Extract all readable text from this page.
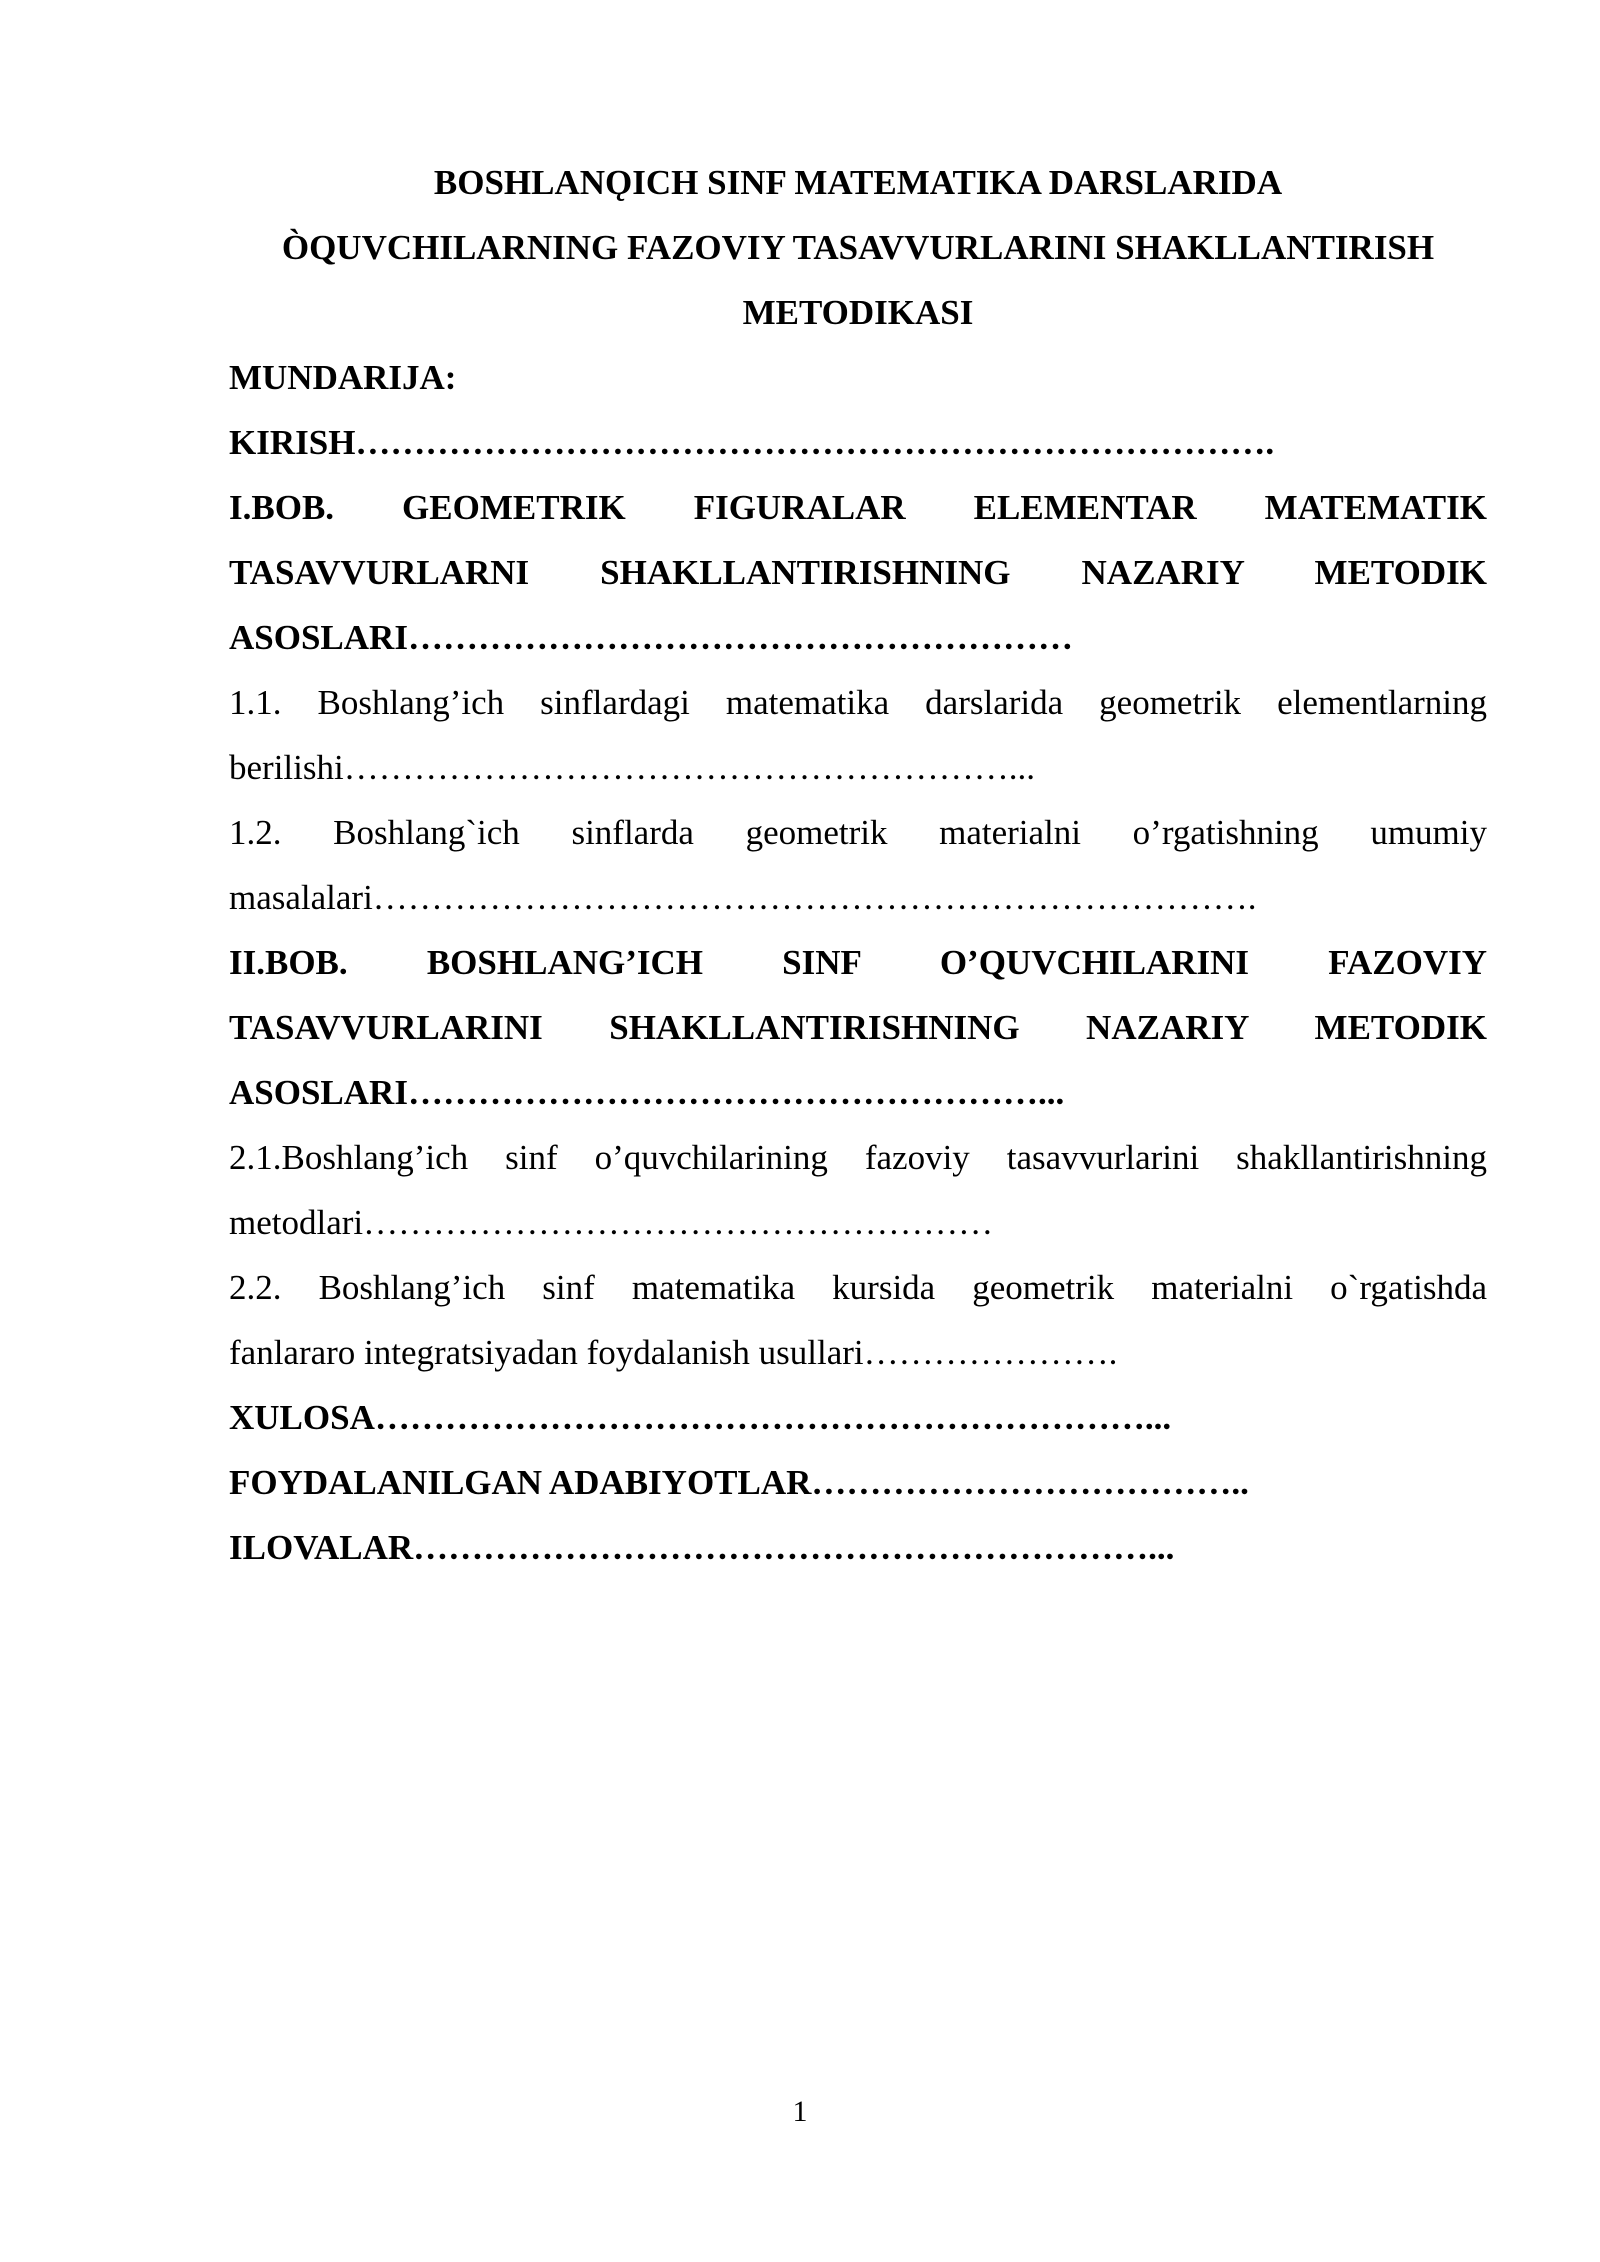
BOSHLANǪICH SINF MATEMATIKA DARSLARIDA
ÒQUVCHILARNING FAZOVIY TASAVVURLARINI SHAKLLANTIRISH
METODIKASI
MUNDARIJA:
KIRISH…………………………………………………………………….
I.BOB. GEOMETRIK FIGURALAR ELEMENTAR MATEMATIK
TASAVVURLARNI SHAKLLANTIRISHNING NAZARIY METODIK
ASOSLARI…………………………………………………
1.1. Boshlang’ich sinflardagi matematika darslarida geometrik elementlarning
berilishi…………………………………………………...
1.2. Boshlang`ich sinflarda geometrik materialni o’rgatishning umumiy
masalalari………………………………………………………………….
II.BOB. BOSHLANG’ICH SINF O’QUVCHILARINI FAZOVIY
TASAVVURLARINI SHAKLLANTIRISHNING NAZARIY METODIK
ASOSLARI………………………………………………...
2.1.Boshlang’ich sinf o’quvchilarining fazoviy tasavvurlarini shakllantirishning
metodlari………………………………………………
2.2. Boshlang’ich sinf matematika kursida geometrik materialni o`rgatishda
fanlararo integratsiyadan foydalanish usullari………………….
XULOSA…………………………………………………………...
FOYDALANILGAN ADABIYOTLAR………………………………..
ILOVALAR………………………………………………………...
1
